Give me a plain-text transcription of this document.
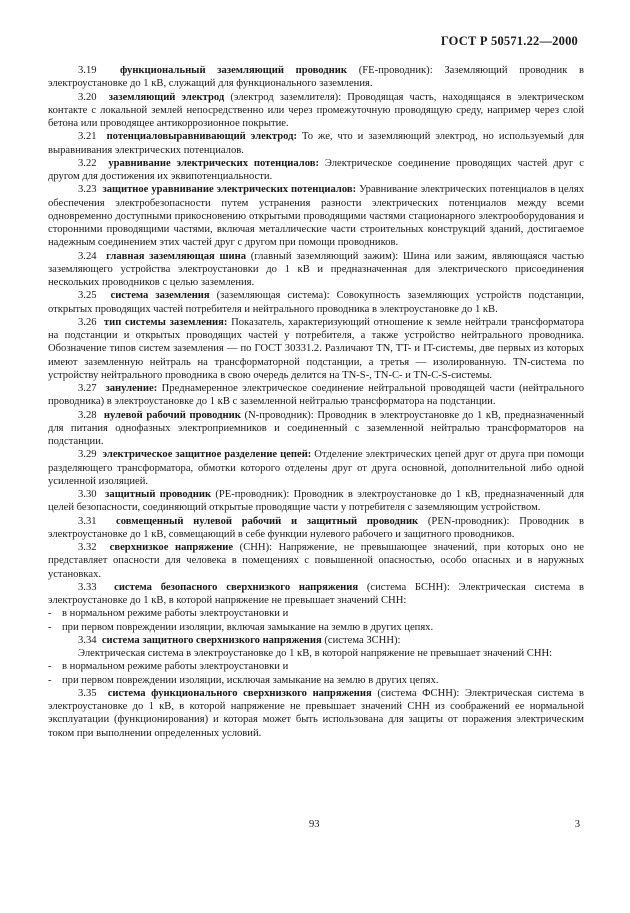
ГОСТ Р 50571.22—2000

3.19 функциональный заземляющий проводник (FE-проводник): Заземляющий проводник в электроустановке до 1 кВ, служащий для функционального заземления.

3.20 заземляющий электрод (электрод заземлителя): Проводящая часть, находящаяся в электрическом контакте с локальной землей непосредственно или через промежуточную проводящую среду, например через слой бетона или проводящее антикоррозионное покрытие.

3.21 потенциаловыравнивающий электрод: То же, что и заземляющий электрод, но используемый для выравнивания электрических потенциалов.

3.22 уравнивание электрических потенциалов: Электрическое соединение проводящих частей друг с другом для достижения их эквипотенциальности.

3.23 защитное уравнивание электрических потенциалов: Уравнивание электрических потенциалов в целях обеспечения электробезопасности путем устранения разности электрических потенциалов между всеми одновременно доступными прикосновению открытыми проводящими частями стационарного электрооборудования и сторонними проводящими частями, включая металлические части строительных конструкций зданий, достигаемое надежным соединением этих частей друг с другом при помощи проводников.

3.24 главная заземляющая шина (главный заземляющий зажим): Шина или зажим, являющаяся частью заземляющего устройства электроустановки до 1 кВ и предназначенная для электрического присоединения нескольких проводников с целью заземления.

3.25 система заземления (заземляющая система): Совокупность заземляющих устройств подстанции, открытых проводящих частей потребителя и нейтрального проводника в электроустановке до 1 кВ.

3.26 тип системы заземления: Показатель, характеризующий отношение к земле нейтрали трансформатора на подстанции и открытых проводящих частей у потребителя, а также устройство нейтрального проводника. Обозначение типов систем заземления — по ГОСТ 30331.2. Различают TN, TT- и IT-системы, две первых из которых имеют заземленную нейтраль на трансформаторной подстанции, а третья — изолированную. TN-система по устройству нейтрального проводника в свою очередь делится на TN-S-, TN-C- и TN-C-S-системы.

3.27 зануление: Преднамеренное электрическое соединение нейтральной проводящей части (нейтрального проводника) в электроустановке до 1 кВ с заземленной нейтралью трансформатора на подстанции.

3.28 нулевой рабочий проводник (N-проводник): Проводник в электроустановке до 1 кВ, предназначенный для питания однофазных электроприемников и соединенный с заземленной нейтралью трансформаторов на подстанции.

3.29 электрическое защитное разделение цепей: Отделение электрических цепей друг от друга при помощи разделяющего трансформатора, обмотки которого отделены друг от друга основной, дополнительной либо одной усиленной изоляцией.

3.30 защитный проводник (PE-проводник): Проводник в электроустановке до 1 кВ, предназначенный для целей безопасности, соединяющий открытые проводящие части у потребителя с заземляющим устройством.

3.31 совмещенный нулевой рабочий и защитный проводник (PEN-проводник): Проводник в электроустановке до 1 кВ, совмещающий в себе функции нулевого рабочего и защитного проводников.

3.32 сверхнизкое напряжение (СНН): Напряжение, не превышающее значений, при которых оно не представляет опасности для человека в помещениях с повышенной опасностью, особо опасных и в наружных установках.

3.33 система безопасного сверхнизкого напряжения (система БСНН): Электрическая система в электроустановке до 1 кВ, в которой напряжение не превышает значений СНН:

- в нормальном режиме работы электроустановки и

- при первом повреждении изоляции, включая замыкание на землю в других цепях.

3.34 система защитного сверхнизкого напряжения (система ЗСНН):

Электрическая система в электроустановке до 1 кВ, в которой напряжение не превышает значений СНН:

- в нормальном режиме работы электроустановки и

- при первом повреждении изоляции, исключая замыкание на землю в других цепях.

3.35 система функционального сверхнизкого напряжения (система ФСНН): Электрическая система в электроустановке до 1 кВ, в которой напряжение не превышает значений СНН из соображений ее нормальной эксплуатации (функционирования) и которая может быть использована для защиты от поражения электрическим током при выполнении определенных условий.

93	3
